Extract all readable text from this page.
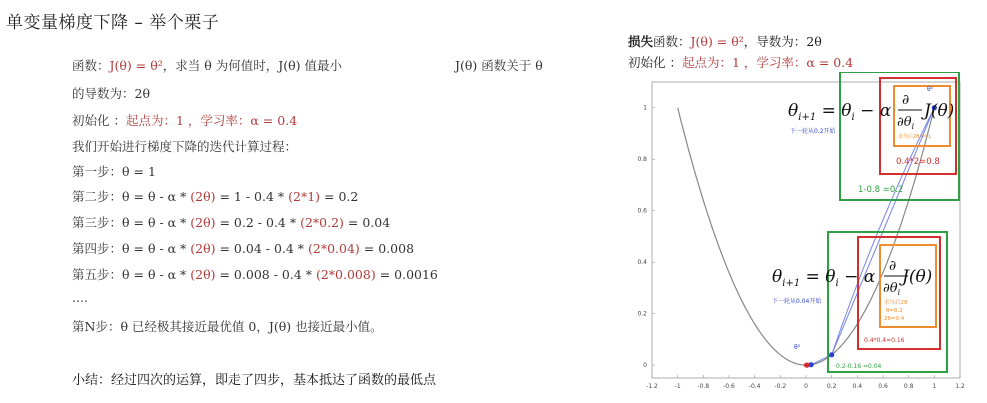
单变量梯度下降 – 举个栗子
函数：J(θ) = θ²，求当 θ 为何值时，J(θ) 值最小	J(θ) 函数关于 θ
的导数为：2θ
初始化 ：起点为：1 ，学习率：α = 0.4
我们开始进行梯度下降的迭代计算过程：
第一步：θ = 1
第二步：θ = θ - α * (2θ) = 1 - 0.4 * (2*1) = 0.2
第三步：θ = θ - α * (2θ) = 0.2 - 0.4 * (2*0.2) = 0.04
第四步：θ = θ - α * (2θ) = 0.04 - 0.4 * (2*0.04) = 0.008
第五步：θ = θ - α * (2θ) = 0.008 - 0.4 * (2*0.008) = 0.0016
....
第N步：θ 已经极其接近最优值 0，J(θ) 也接近最小值。
小结：经过四次的运算，即走了四步，基本抵达了函数的最低点
损失函数：J(θ) = θ²，导数为：2θ
初始化 ：起点为：1 ，学习率：α = 0.4
-1.2	-1	-0.8 -0.6 -0.4 -0.2	0	0.2	0.4	0.6	0.8	1	1.2
0
0.2
0.4
0.6
0.8
1	$\theta_{i+1} = \theta_i - \alpha$
∂
$\partial\theta_i$
J(θ)
下一轮从0.2开始
求导后2θ θ=1
0.4*2=0.8
1-0.8 =0.2
$\theta_{i+1} = \theta_i - \alpha$
∂
$\partial\theta_i$
J(θ)
下一轮从0.04开始	求导后2θ
θ=0.2
2θ=0.4
0.4*0.4=0.16
0.2-0.16 =0.04
θ⁰
θ³
